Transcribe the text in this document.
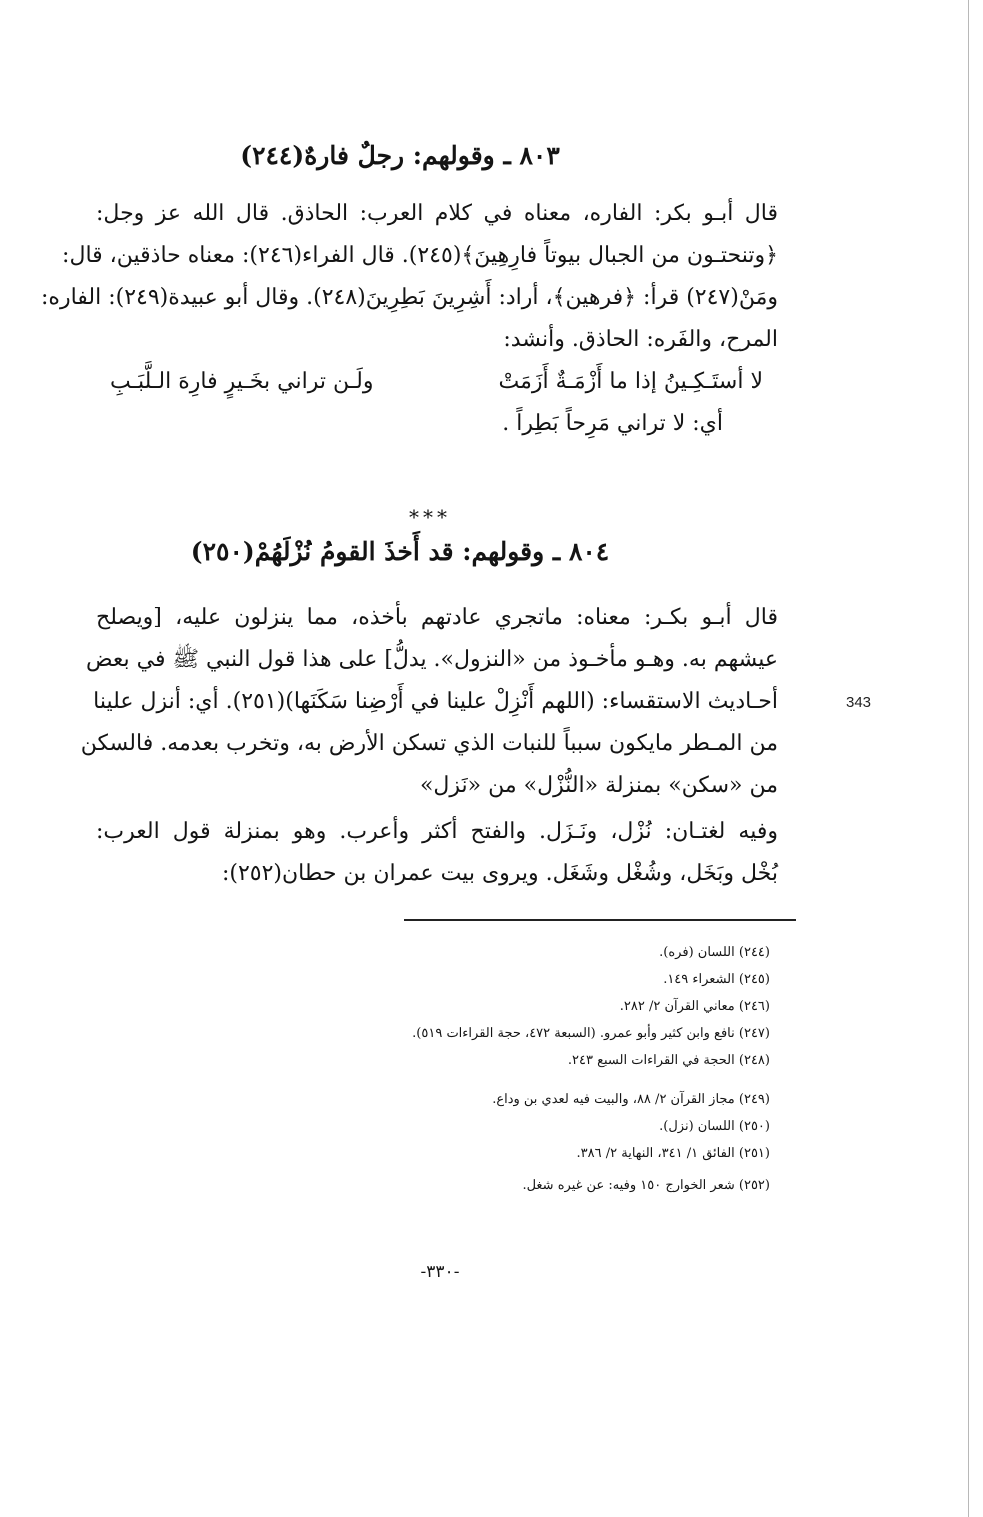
٨٠٣ ـ وقولهم: رجلٌ فارهٌ(٢٤٤)
قال أبـو بكر: الفاره، معناه في كلام العرب: الحاذق. قال الله عز وجل:
﴿وتنحتـون من الجبال بيوتاً فارِهِينَ﴾(٢٤٥). قال الفراء(٢٤٦): معناه حاذقين، قال:
ومَنْ(٢٤٧) قرأ: ﴿فرهين﴾، أراد: أَشِرِينَ بَطِرِينَ(٢٤٨). وقال أبو عبيدة(٢٤٩): الفاره:
المرح، والفَره: الحاذق. وأنشد:
لا أستَـكِـينُ إذا ما أَزْمَـةٌ أَزَمَتْ
ولَـن تراني بخَـيرٍ فارِهَ الـلَّبَـبِ
أي: لا تراني مَرِحاً بَطِراً .
***
٨٠٤ ـ وقولهم: قد أَخذَ القومُ نُزْلَهُمْ(٢٥٠)
قال أبـو بكـر: معناه: ماتجري عادتهم بأخذه، مما ينزلون عليه، [ويصلح
عيشهم به. وهـو مأخـوذ من «النزول». يدلُّ] على هذا قول النبي ﷺ في بعض
أحـاديث الاستقساء: (اللهم أَنْزِلْ علينا في أَرْضِنا سَكَنَها)(٢٥١). أي: أنزل علينا
من المـطر مايكون سبباً للنبات الذي تسكن الأرض به، وتخرب بعدمه. فالسكن
من «سكن» بمنزلة «النُّزْل» من «نَزل»
وفيه لغتـان: نُزْل، ونَـزَل. والفتح أكثر وأعرب. وهو بمنزلة قول العرب:
بُخْل وبَخَل، وشُغْل وشَغَل. ويروى بيت عمران بن حطان(٢٥٢):
343
(٢٤٤) اللسان (فره).
(٢٤٥) الشعراء ١٤٩.
(٢٤٦) معاني القرآن ٢/ ٢٨٢.
(٢٤٧) نافع وابن كثير وأبو عمرو. (السبعة ٤٧٢، حجة القراءات ٥١٩).
(٢٤٨) الحجة في القراءات السبع ٢٤٣.
(٢٤٩) مجاز القرآن ٢/ ٨٨، والبيت فيه لعدي بن وداع.
(٢٥٠) اللسان (نزل).
(٢٥١) الفائق ١/ ٣٤١، النهاية ٢/ ٣٨٦.
(٢٥٢) شعر الخوارج ١٥٠ وفيه: عن غيره شغل.
-٣٣٠-
